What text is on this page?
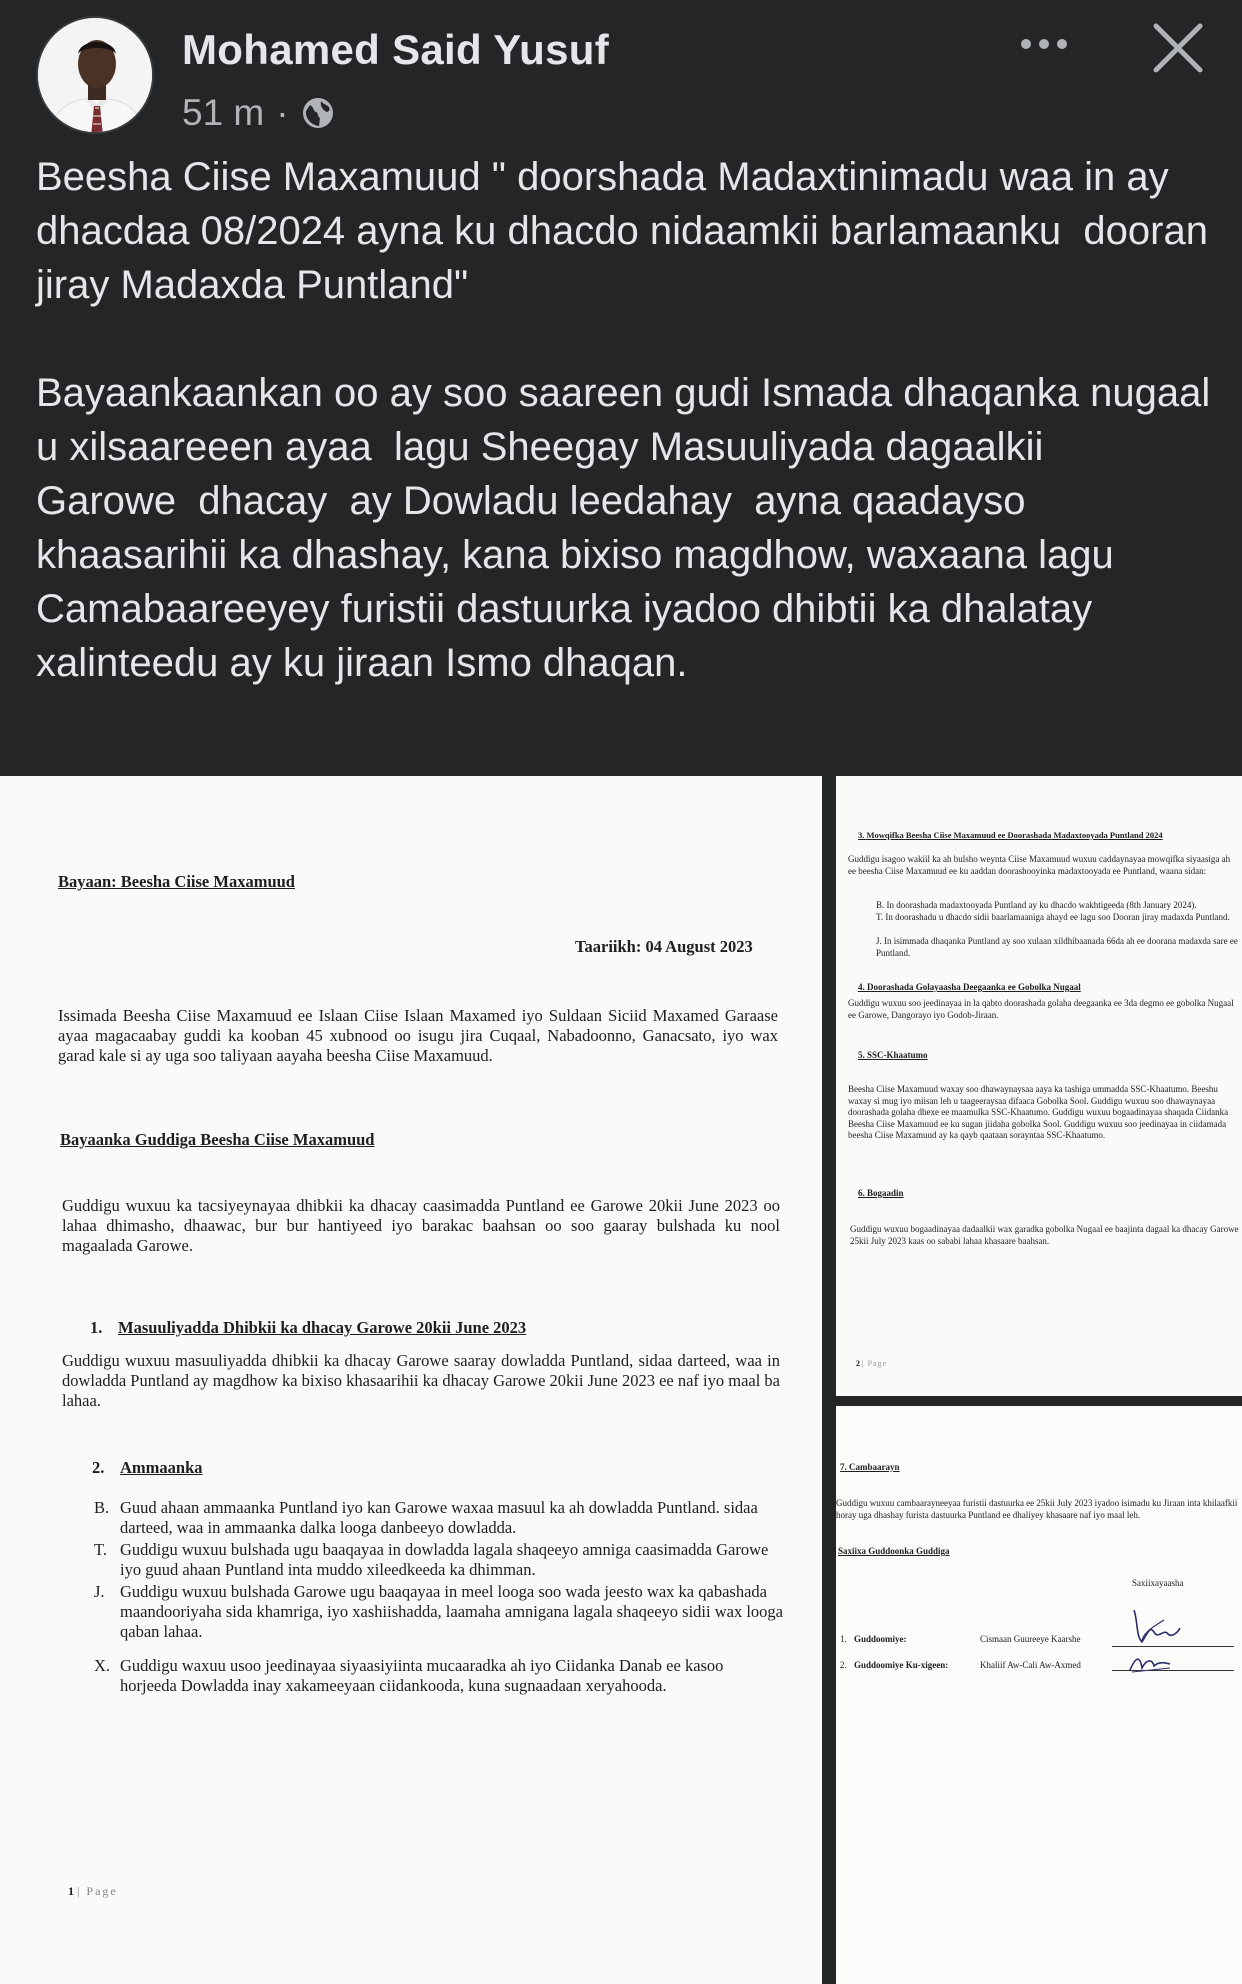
Mohamed Said Yusuf
51 m ·
Beesha Ciise Maxamuud " doorshada Madaxtinimadu waa in ay dhacdaa 08/2024 ayna ku dhacdo nidaamkii barlamaanku  dooran jiray Madaxda Puntland"

Bayaankaankan oo ay soo saareen gudi Ismada dhaqanka nugaal u xilsaareeen ayaa  lagu Sheegay Masuuliyada dagaalkii   Garowe  dhacay  ay Dowladu leedahay  ayna qaadayso khaasarihii ka dhashay, kana bixiso magdhow, waxaana lagu Camabaareeyey furistii dastuurka iyadoo dhibtii ka dhalatay xalinteedu ay ku jiraan Ismo dhaqan.
Bayaan: Beesha Ciise Maxamuud
Taariikh: 04 August 2023

Issimada Beesha Ciise Maxamuud ee Islaan Ciise Islaan Maxamed iyo Suldaan Siciid Maxamed Garaase ayaa magacaabay guddi ka kooban 45 xubnood oo isugu jira Cuqaal, Nabadoonno, Ganacsato, iyo wax garad kale si ay uga soo taliyaan aayaha beesha Ciise Maxamuud.

Bayaanka Guddiga Beesha Ciise Maxamuud

Guddigu wuxuu ka tacsiyeynayaa dhibkii ka dhacay caasimadda Puntland ee Garowe 20kii June 2023 oo lahaa dhimasho, dhaawac, bur bur hantiyeed iyo barakac baahsan oo soo gaaray bulshada ku nool magaalada Garowe.

1. Masuuliyadda Dhibkii ka dhacay Garowe 20kii June 2023

Guddigu wuxuu masuuliyadda dhibkii ka dhacay Garowe saaray dowladda Puntland, sidaa darteed, waa in dowladda Puntland ay magdhow ka bixiso khasaarihii ka dhacay Garowe 20kii June 2023 ee naf iyo maal ba lahaa.

2. Ammaanka
B. Guud ahaan ammaanka Puntland iyo kan Garowe waxaa masuul ka ah dowladda Puntland. sidaa darteed, waa in ammaanka dalka looga danbeeyo dowladda.

T. Guddigu wuxuu bulshada ugu baaqayaa in dowladda lagala shaqeeyo amniga caasimadda Garowe iyo guud ahaan Puntland inta muddo xileedkeeda ka dhimman.

J. Guddigu wuxuu bulshada Garowe ugu baaqayaa in meel looga soo wada jeesto wax ka qabashada maandooriyaha sida khamriga, iyo xashiishadda, laamaha amnigana lagala shaqeeyo sidii wax looga qaban lahaa.

X. Guddigu waxuu usoo jeedinayaa siyaasiyiinta mucaaradka ah iyo Ciidanka Danab ee kasoo horjeeda Dowladda inay xakameeyaan ciidankooda, kuna sugnaadaan xeryahooda.

1 | Page
3. Mowqifka Beesha Ciise Maxamuud ee Doorashada Madaxtooyada Puntland 2024

Guddigu isagoo wakiil ka ah bulsho weynta Ciise Maxamuud wuxuu caddaynayaa mowqifka siyaasiga ah ee beesha Ciise Maxamuud ee ku aaddan doorashooyinka madaxtooyada ee Puntland, waana sidan:

B. In doorashada madaxtooyada Puntland ay ku dhacdo wakhtigeeda (8th January 2024).

T. In doorashadu u dhacdo sidii baarlamaaniga ahayd ee lagu soo Dooran jiray madaxda Puntland.

J. In isimmada dhaqanka Puntland ay soo xulaan xildhibaanada 66da ah ee doorana madaxda sare ee Puntland.

4. Doorashada Golayaasha Deegaanka ee Gobolka Nugaal

Guddigu wuxuu soo jeedinayaa in la qabto doorashada golaha deegaanka ee 3da degmo ee gobolka Nugaal ee Garowe, Dangorayo iyo Godob-Jiraan.

5. SSC-Khaatumo

Beesha Ciise Maxamuud waxay soo dhawaynaysaa aaya ka tashiga ummadda SSC-Khaatumo. Beeshu waxay si mug iyo miisan leh u taageeraysaa difaaca Gobolka Sool. Guddigu wuxuu soo dhawaynayaa doorashada golaha dhexe ee maamulka SSC-Khaatumo. Guddigu wuxuu bogaadinayaa shaqada Ciidanka Beesha Ciise Maxamuud ee ku sugan jiidaha gobolka Sool. Guddigu wuxuu soo jeedinayaa in ciidamada beesha Ciise Maxamuud ay ka qayb qaataan sorayntaa SSC-Khaatumo.

6. Bogaadin

Guddigu wuxuu bogaadinayaa dadaalkii wax garadka gobolka Nugaal ee baajinta dagaal ka dhacay Garowe 25kii July 2023 kaas oo sababi lahaa khasaare baahsan.

2 | Page
7. Cambaarayn

Guddigu wuxuu cambaarayneeyaa furistii dastuurka ee 25kii July 2023 iyadoo isimadu ku Jiraan inta khilaafkii horay uga dhashay furista dastuurka Puntland ee dhaliyey khasaare naf iyo maal leh.

Saxiixa Guddoonka Guddiga
Saxiixayaasha
1. Guddoomiye:	Cismaan Guureeye Kaarshe
2. Guddoomiye Ku-xigeen:	Khaliif Aw-Cali Aw-Axmed
